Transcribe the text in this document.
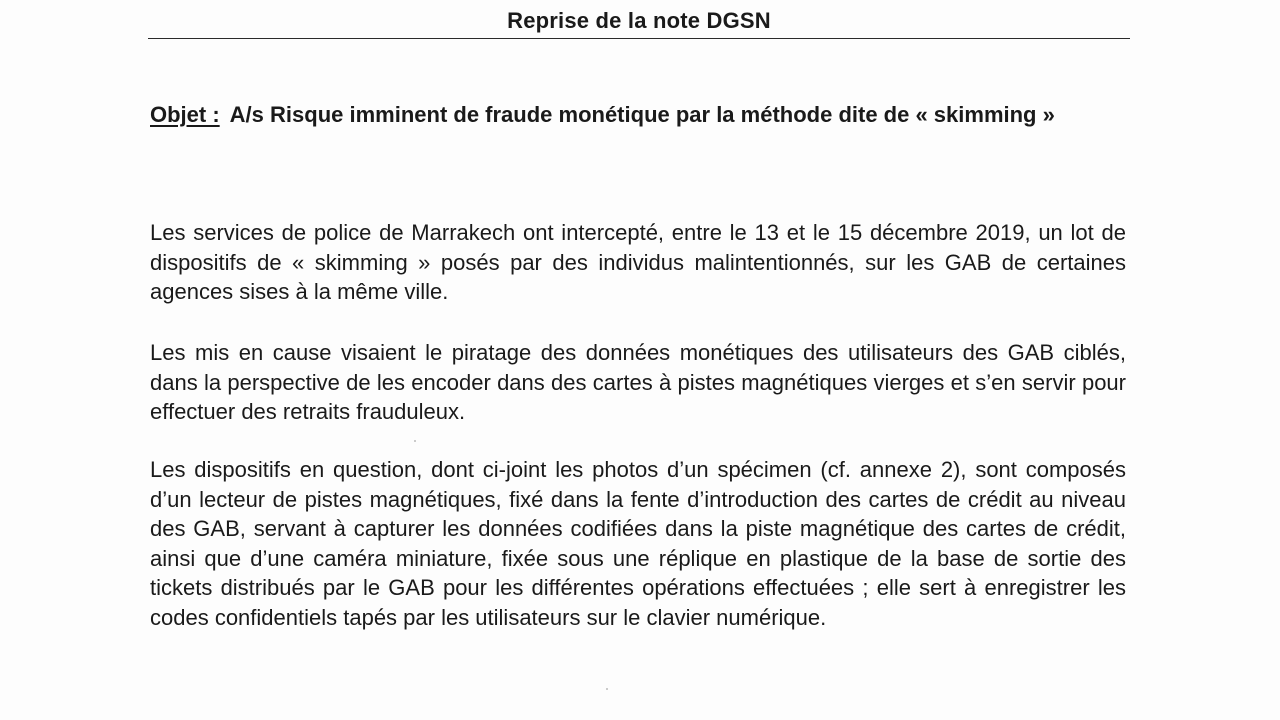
Reprise de la note DGSN
Objet : A/s Risque imminent de fraude monétique par la méthode dite de « skimming »

Les services de police de Marrakech ont intercepté, entre le 13 et le 15 décembre 2019, un lot de dispositifs de « skimming » posés par des individus malintentionnés, sur les GAB de certaines agences sises à la même ville.

Les mis en cause visaient le piratage des données monétiques des utilisateurs des GAB ciblés, dans la perspective de les encoder dans des cartes à pistes magnétiques vierges et s’en servir pour effectuer des retraits frauduleux.

Les dispositifs en question, dont ci-joint les photos d’un spécimen (cf. annexe 2), sont composés d’un lecteur de pistes magnétiques, fixé dans la fente d’introduction des cartes de crédit au niveau des GAB, servant à capturer les données codifiées dans la piste magnétique des cartes de crédit, ainsi que d’une caméra miniature, fixée sous une réplique en plastique de la base de sortie des tickets distribués par le GAB pour les différentes opérations effectuées ; elle sert à enregistrer les codes confidentiels tapés par les utilisateurs sur le clavier numérique.
